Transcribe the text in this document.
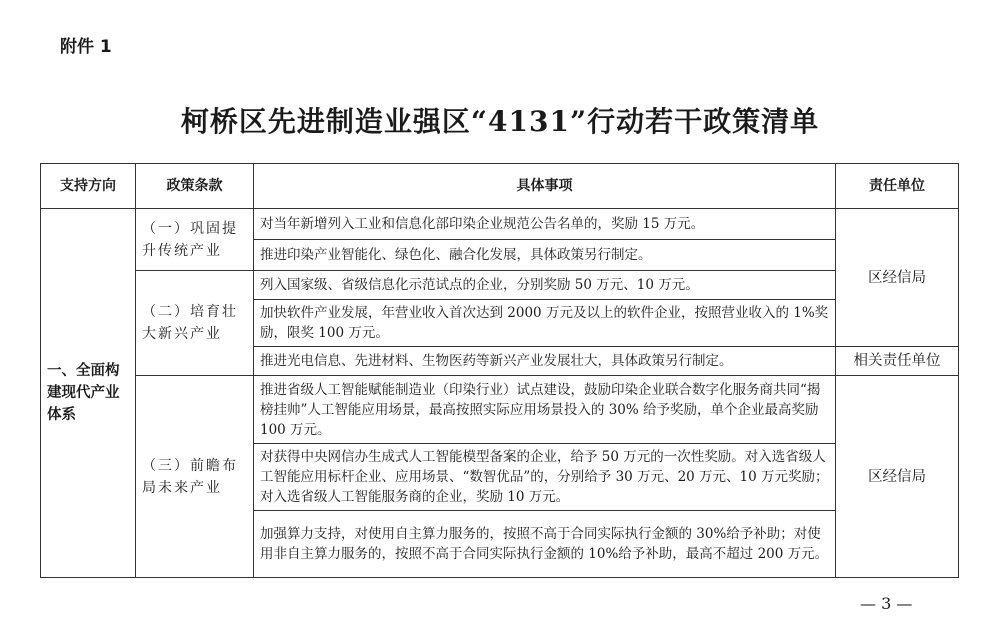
附件 1
柯桥区先进制造业强区“4131”行动若干政策清单
支持方向	政策条款	具体事项	责任单位
一、全面构建现代产业体系	（一）巩固提升传统产业	对当年新增列入工业和信息化部印染企业规范公告名单的，奖励 15 万元。	区经信局
		推进印染产业智能化、绿色化、融合化发展，具体政策另行制定。	
	（二）培育壮大新兴产业	列入国家级、省级信息化示范试点的企业，分别奖励 50 万元、10 万元。	
		加快软件产业发展，年营业收入首次达到 2000 万元及以上的软件企业，按照营业收入的 1%奖励，限奖 100 万元。	
		推进光电信息、先进材料、生物医药等新兴产业发展壮大，具体政策另行制定。	相关责任单位
	（三）前瞻布局未来产业	推进省级人工智能赋能制造业（印染行业）试点建设，鼓励印染企业联合数字化服务商共同“揭榜挂帅”人工智能应用场景，最高按照实际应用场景投入的 30% 给予奖励，单个企业最高奖励 100 万元。	区经信局
		对获得中央网信办生成式人工智能模型备案的企业，给予 50 万元的一次性奖励。对入选省级人工智能应用标杆企业、应用场景、“数智优品”的，分别给予 30 万元、20 万元、10 万元奖励；对入选省级人工智能服务商的企业，奖励 10 万元。	
		加强算力支持，对使用自主算力服务的，按照不高于合同实际执行金额的 30%给予补助；对使用非自主算力服务的，按照不高于合同实际执行金额的 10%给予补助，最高不超过 200 万元。	
— 3 —
